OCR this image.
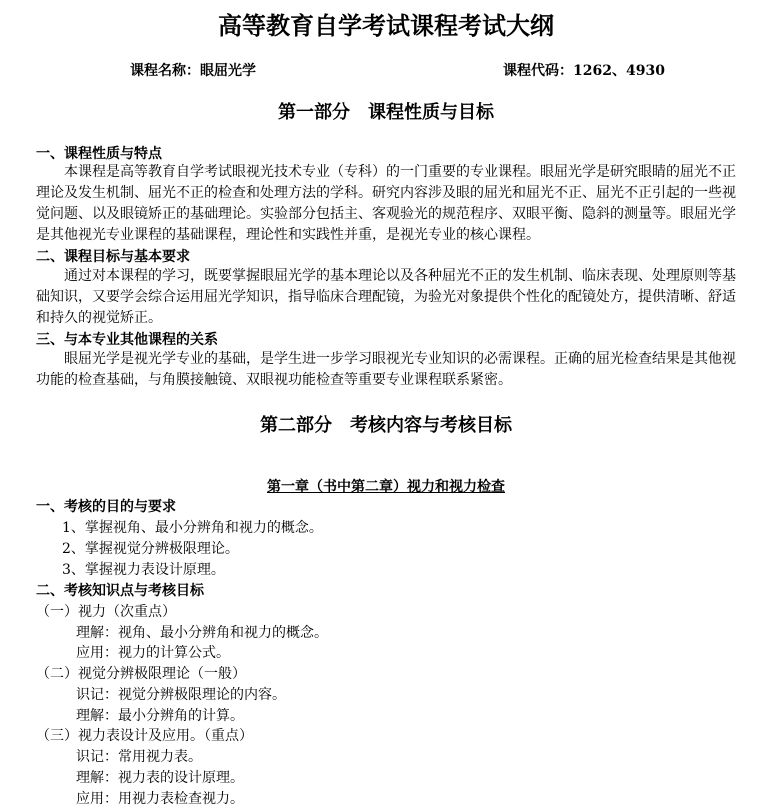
高等教育自学考试课程考试大纲
课程名称：眼屈光学	课程代码：1262、4930
第一部分　课程性质与目标
一、课程性质与特点
本课程是高等教育自学考试眼视光技术专业（专科）的一门重要的专业课程。眼屈光学是研究眼睛的屈光不正理论及发生机制、屈光不正的检查和处理方法的学科。研究内容涉及眼的屈光和屈光不正、屈光不正引起的一些视觉问题、以及眼镜矫正的基础理论。实验部分包括主、客观验光的规范程序、双眼平衡、隐斜的测量等。眼屈光学是其他视光专业课程的基础课程，理论性和实践性并重，是视光专业的核心课程。
二、课程目标与基本要求
通过对本课程的学习，既要掌握眼屈光学的基本理论以及各种屈光不正的发生机制、临床表现、处理原则等基础知识，又要学会综合运用屈光学知识，指导临床合理配镜，为验光对象提供个性化的配镜处方，提供清晰、舒适和持久的视觉矫正。
三、与本专业其他课程的关系
眼屈光学是视光学专业的基础，是学生进一步学习眼视光专业知识的必需课程。正确的屈光检查结果是其他视功能的检查基础，与角膜接触镜、双眼视功能检查等重要专业课程联系紧密。
第二部分　考核内容与考核目标
第一章（书中第二章）视力和视力检查
一、考核的目的与要求
1、掌握视角、最小分辨角和视力的概念。
2、掌握视觉分辨极限理论。
3、掌握视力表设计原理。
二、考核知识点与考核目标
（一）视力（次重点）
理解：视角、最小分辨角和视力的概念。
应用：视力的计算公式。
（二）视觉分辨极限理论（一般）
识记：视觉分辨极限理论的内容。
理解：最小分辨角的计算。
（三）视力表设计及应用。（重点）
识记：常用视力表。
理解：视力表的设计原理。
应用：用视力表检查视力。
